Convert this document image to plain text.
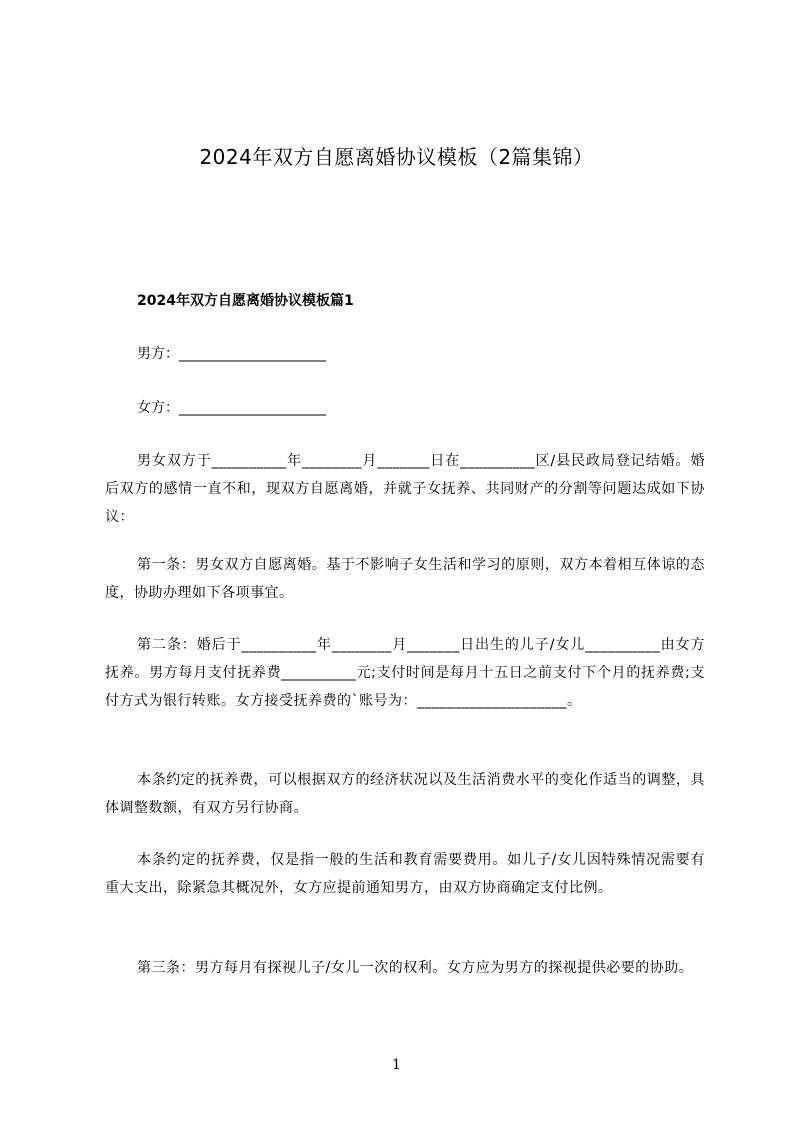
2024年双方自愿离婚协议模板（2篇集锦）
2024年双方自愿离婚协议模板篇1
男方：_____________________
女方：_____________________

男女双方于__________年________月_______日在__________区/县民政局登记结婚。婚后双方的感情一直不和，现双方自愿离婚，并就子女抚养、共同财产的分割等问题达成如下协议：

第一条：男女双方自愿离婚。基于不影响子女生活和学习的原则，双方本着相互体谅的态度，协助办理如下各项事宜。

第二条：婚后于__________年________月_______日出生的儿子/女儿__________由女方抚养。男方每月支付抚养费__________元;支付时间是每月十五日之前支付下个月的抚养费;支付方式为银行转账。女方接受抚养费的`账号为：____________________。

本条约定的抚养费，可以根据双方的经济状况以及生活消费水平的变化作适当的调整，具体调整数额，有双方另行协商。

本条约定的抚养费，仅是指一般的生活和教育需要费用。如儿子/女儿因特殊情况需要有重大支出，除紧急其概况外，女方应提前通知男方，由双方协商确定支付比例。

第三条：男方每月有探视儿子/女儿一次的权利。女方应为男方的探视提供必要的协助。

1
